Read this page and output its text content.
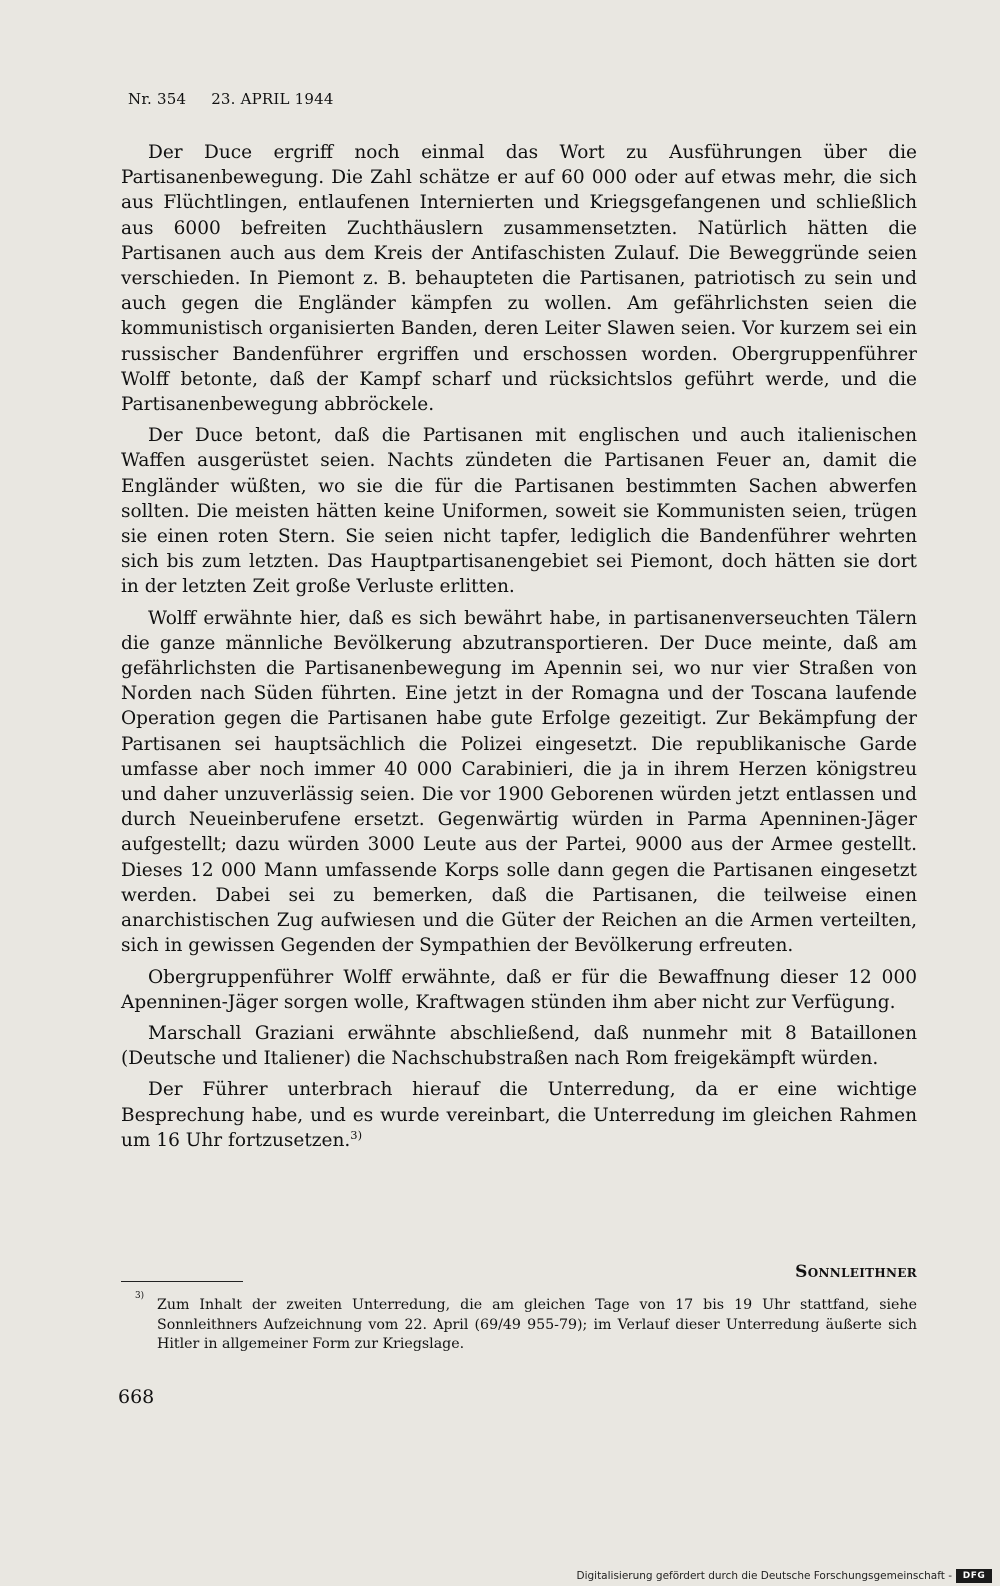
Nr. 354 23. APRIL 1944

Der Duce ergriff noch einmal das Wort zu Ausführungen über die Partisanenbewegung. Die Zahl schätze er auf 60 000 oder auf etwas mehr, die sich aus Flüchtlingen, entlaufenen Internierten und Kriegsgefangenen und schließlich aus 6000 befreiten Zuchthäuslern zusammensetzten. Natürlich hätten die Partisanen auch aus dem Kreis der Antifaschisten Zulauf. Die Beweggründe seien verschieden. In Piemont z. B. behaupteten die Partisanen, patriotisch zu sein und auch gegen die Engländer kämpfen zu wollen. Am gefährlichsten seien die kommunistisch organisierten Banden, deren Leiter Slawen seien. Vor kurzem sei ein russischer Bandenführer ergriffen und erschossen worden. Obergruppenführer Wolff betonte, daß der Kampf scharf und rücksichtslos geführt werde, und die Partisanenbewegung abbröckele.

Der Duce betont, daß die Partisanen mit englischen und auch italienischen Waffen ausgerüstet seien. Nachts zündeten die Partisanen Feuer an, damit die Engländer wüßten, wo sie die für die Partisanen bestimmten Sachen abwerfen sollten. Die meisten hätten keine Uniformen, soweit sie Kommunisten seien, trügen sie einen roten Stern. Sie seien nicht tapfer, lediglich die Bandenführer wehrten sich bis zum letzten. Das Hauptpartisanengebiet sei Piemont, doch hätten sie dort in der letzten Zeit große Verluste erlitten.

Wolff erwähnte hier, daß es sich bewährt habe, in partisanenverseuchten Tälern die ganze männliche Bevölkerung abzutransportieren. Der Duce meinte, daß am gefährlichsten die Partisanenbewegung im Apennin sei, wo nur vier Straßen von Norden nach Süden führten. Eine jetzt in der Romagna und der Toscana laufende Operation gegen die Partisanen habe gute Erfolge gezeitigt. Zur Bekämpfung der Partisanen sei hauptsächlich die Polizei eingesetzt. Die republikanische Garde umfasse aber noch immer 40 000 Carabinieri, die ja in ihrem Herzen königstreu und daher unzuverlässig seien. Die vor 1900 Geborenen würden jetzt entlassen und durch Neueinberufene ersetzt. Gegenwärtig würden in Parma Apenninen-Jäger aufgestellt; dazu würden 3000 Leute aus der Partei, 9000 aus der Armee gestellt. Dieses 12 000 Mann umfassende Korps solle dann gegen die Partisanen eingesetzt werden. Dabei sei zu bemerken, daß die Partisanen, die teilweise einen anarchistischen Zug aufwiesen und die Güter der Reichen an die Armen verteilten, sich in gewissen Gegenden der Sympathien der Bevölkerung erfreuten.

Obergruppenführer Wolff erwähnte, daß er für die Bewaffnung dieser 12 000 Apenninen-Jäger sorgen wolle, Kraftwagen stünden ihm aber nicht zur Verfügung.

Marschall Graziani erwähnte abschließend, daß nunmehr mit 8 Bataillonen (Deutsche und Italiener) die Nachschubstraßen nach Rom freigekämpft würden.

Der Führer unterbrach hierauf die Unterredung, da er eine wichtige Besprechung habe, und es wurde vereinbart, die Unterredung im gleichen Rahmen um 16 Uhr fortzusetzen.$^{3)}$

Sonnleithner
3)
Zum Inhalt der zweiten Unterredung, die am gleichen Tage von 17 bis 19 Uhr stattfand, siehe Sonnleithners Aufzeichnung vom 22. April (69/49 955-79); im Verlauf dieser Unterredung äußerte sich Hitler in allgemeiner Form zur Kriegslage.
668
Digitalisierung gefördert durch die Deutsche Forschungsgemeinschaft -	DFG
